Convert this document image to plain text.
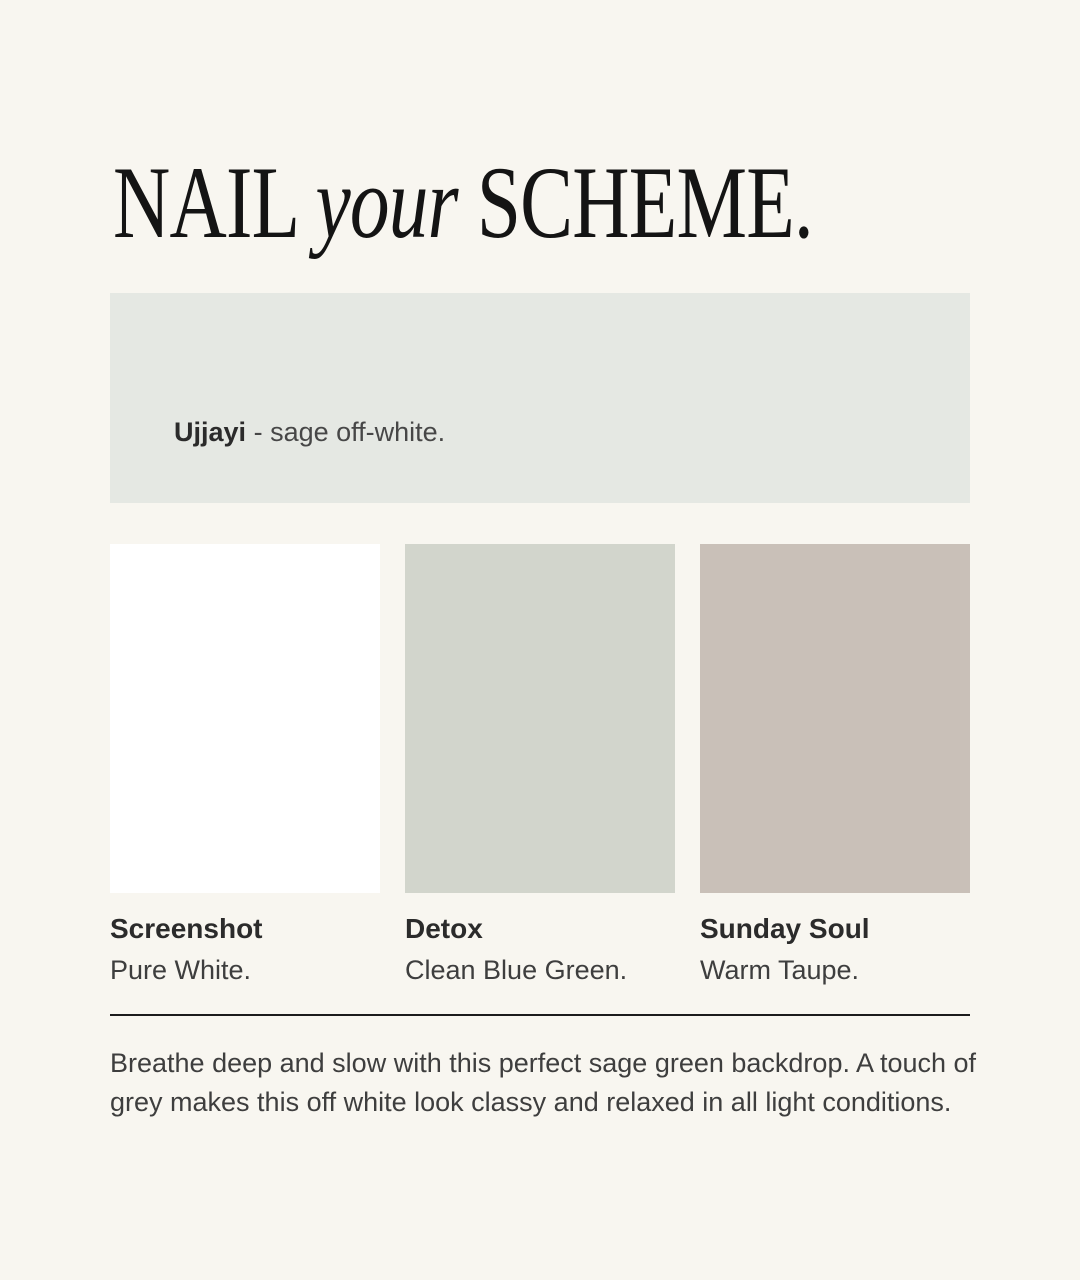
NAIL your SCHEME.

Ujjayi - sage off-white.

Screenshot
Pure White.
Detox
Clean Blue Green.
Sunday Soul
Warm Taupe.

Breathe deep and slow with this perfect sage green backdrop. A touch of grey makes this off white look classy and relaxed in all light conditions.
